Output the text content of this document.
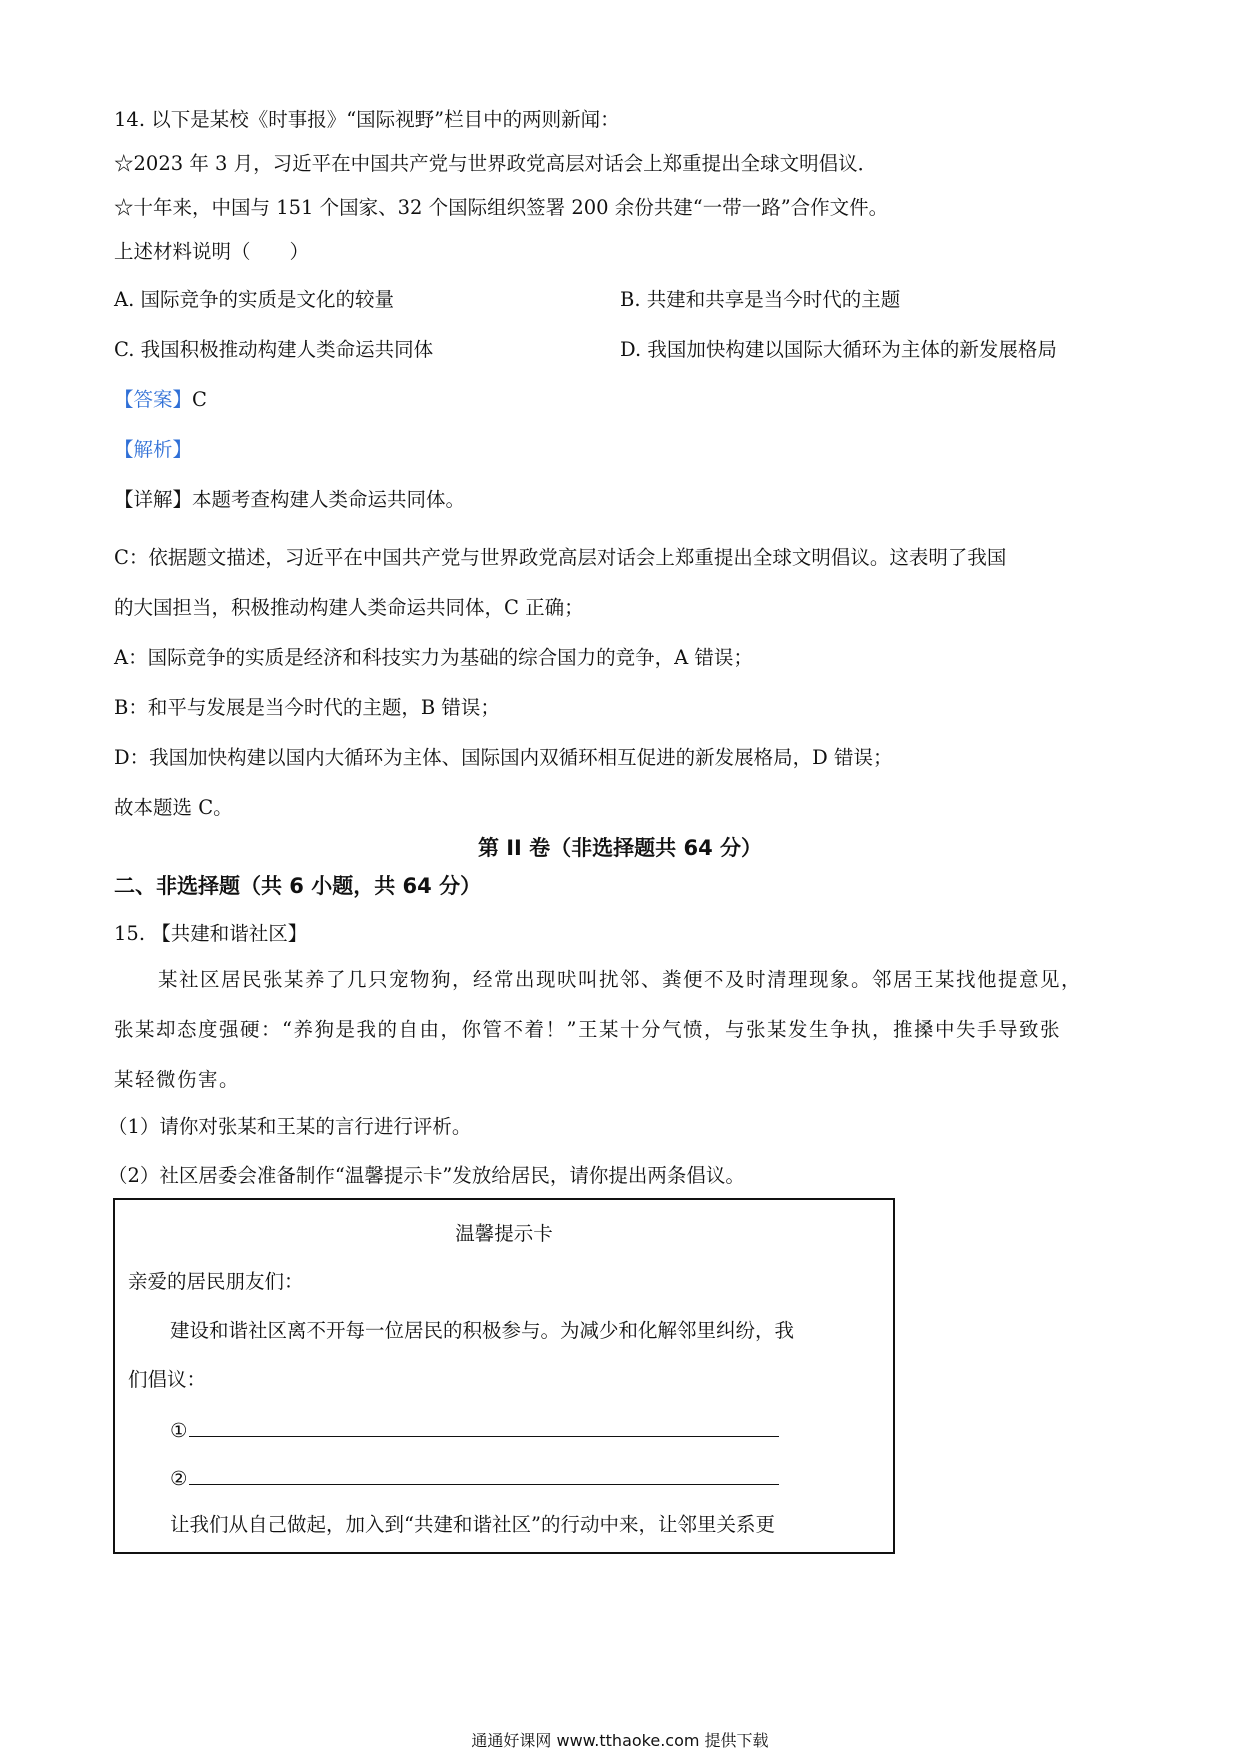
14. 以下是某校《时事报》“国际视野”栏目中的两则新闻：
☆2023 年 3 月，习近平在中国共产党与世界政党高层对话会上郑重提出全球文明倡议．
☆十年来，中国与 151 个国家、32 个国际组织签署 200 余份共建“一带一路”合作文件。
上述材料说明（　　）
A. 国际竞争的实质是文化的较量	B. 共建和共享是当今时代的主题
C. 我国积极推动构建人类命运共同体	D. 我国加快构建以国际大循环为主体的新发展格局
【答案】C
【解析】
【详解】本题考查构建人类命运共同体。
C：依据题文描述，习近平在中国共产党与世界政党高层对话会上郑重提出全球文明倡议。这表明了我国
的大国担当，积极推动构建人类命运共同体，C 正确；
A：国际竞争的实质是经济和科技实力为基础的综合国力的竞争，A 错误；
B：和平与发展是当今时代的主题，B 错误；
D：我国加快构建以国内大循环为主体、国际国内双循环相互促进的新发展格局，D 错误；
故本题选 C。
第 II 卷（非选择题共 64 分）
二、非选择题（共 6 小题，共 64 分）
15. 【共建和谐社区】
某社区居民张某养了几只宠物狗，经常出现吠叫扰邻、粪便不及时清理现象。邻居王某找他提意见，
张某却态度强硬：“养狗是我的自由，你管不着！”王某十分气愤，与张某发生争执，推搡中失手导致张
某轻微伤害。
（1）请你对张某和王某的言行进行评析。
（2）社区居委会准备制作“温馨提示卡”发放给居民，请你提出两条倡议。
温馨提示卡
亲爱的居民朋友们：
建设和谐社区离不开每一位居民的积极参与。为减少和化解邻里纠纷，我
们倡议：
①
②
让我们从自己做起，加入到“共建和谐社区”的行动中来，让邻里关系更
通通好课网 www.tthaoke.com 提供下载
